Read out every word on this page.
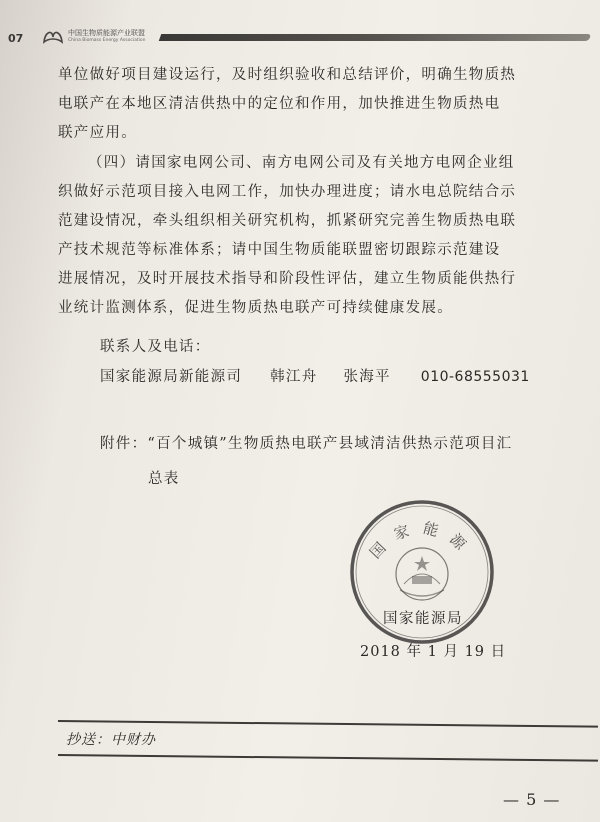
07	中国生物质能源产业联盟
China Biomass Energy Association
单位做好项目建设运行，及时组织验收和总结评价，明确生物质热
电联产在本地区清洁供热中的定位和作用，加快推进生物质热电
联产应用。
（四）请国家电网公司、南方电网公司及有关地方电网企业组
织做好示范项目接入电网工作，加快办理进度；请水电总院结合示
范建设情况，牵头组织相关研究机构，抓紧研究完善生物质热电联
产技术规范等标准体系；请中国生物质能联盟密切跟踪示范建设
进展情况，及时开展技术指导和阶段性评估，建立生物质能供热行
业统计监测体系，促进生物质热电联产可持续健康发展。
联系人及电话：
国家能源局新能源司 韩江舟 张海平 010-68555031
附件：“百个城镇”生物质热电联产县域清洁供热示范项目汇
总表
国家能源
国家能源局
2018 年 1 月 19 日
抄送：中财办
— 5 —
